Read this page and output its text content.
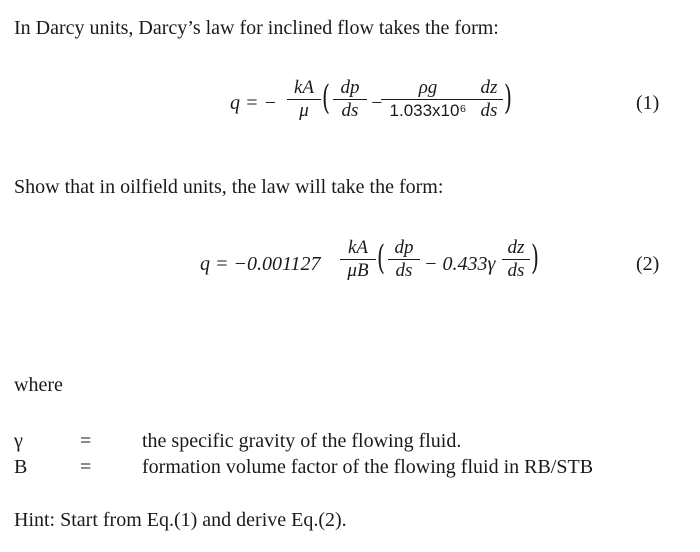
In Darcy units, Darcy’s law for inclined flow takes the form:
q = −
kA
μ ( dp
ds −
ρg
1.033x10⁶
dz
ds )	(1)
Show that in oilfield units, the law will take the form:
q = −0.001127
kA
μB ( dp
ds − 0.433γ
dz
ds )	(2)
where
γ	=	the specific gravity of the flowing fluid.
B	=	formation volume factor of the flowing fluid in RB/STB
Hint: Start from Eq.(1) and derive Eq.(2).
